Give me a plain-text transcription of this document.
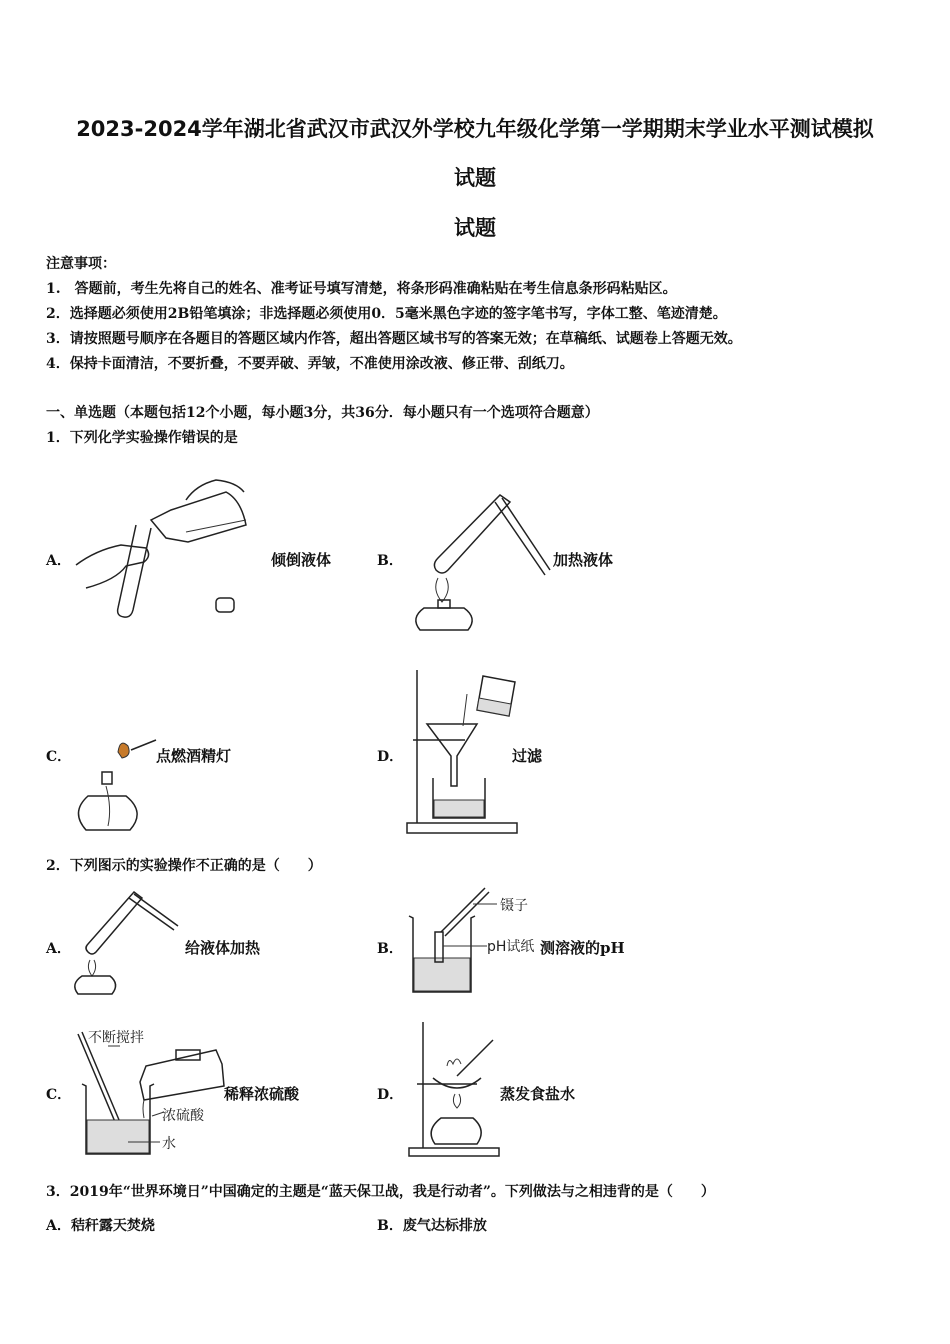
2023-2024学年湖北省武汉市武汉外学校九年级化学第一学期期末学业水平测试模拟
试题
试题
注意事项：
1.　答题前，考生先将自己的姓名、准考证号填写清楚，将条形码准确粘贴在考生信息条形码粘贴区。
2．选择题必须使用2B铅笔填涂；非选择题必须使用0．5毫米黑色字迹的签字笔书写，字体工整、笔迹清楚。
3．请按照题号顺序在各题目的答题区域内作答，超出答题区域书写的答案无效；在草稿纸、试题卷上答题无效。
4．保持卡面清洁，不要折叠，不要弄破、弄皱，不准使用涂改液、修正带、刮纸刀。
一、单选题（本题包括12个小题，每小题3分，共36分．每小题只有一个选项符合题意）
1．下列化学实验操作错误的是
A．	倾倒液体	B．	加热液体
C．	点燃酒精灯	D．	过滤
2．下列图示的实验操作不正确的是（　　）
A．	给液体加热	B．
镊子
pH试纸 测溶液的pH
C．
不断搅拌
浓硫酸
水
稀释浓硫酸	D．	蒸发食盐水
3．2019年“世界环境日”中国确定的主题是“蓝天保卫战，我是行动者”。下列做法与之相违背的是（　　）
A．秸秆露天焚烧	B．废气达标排放
